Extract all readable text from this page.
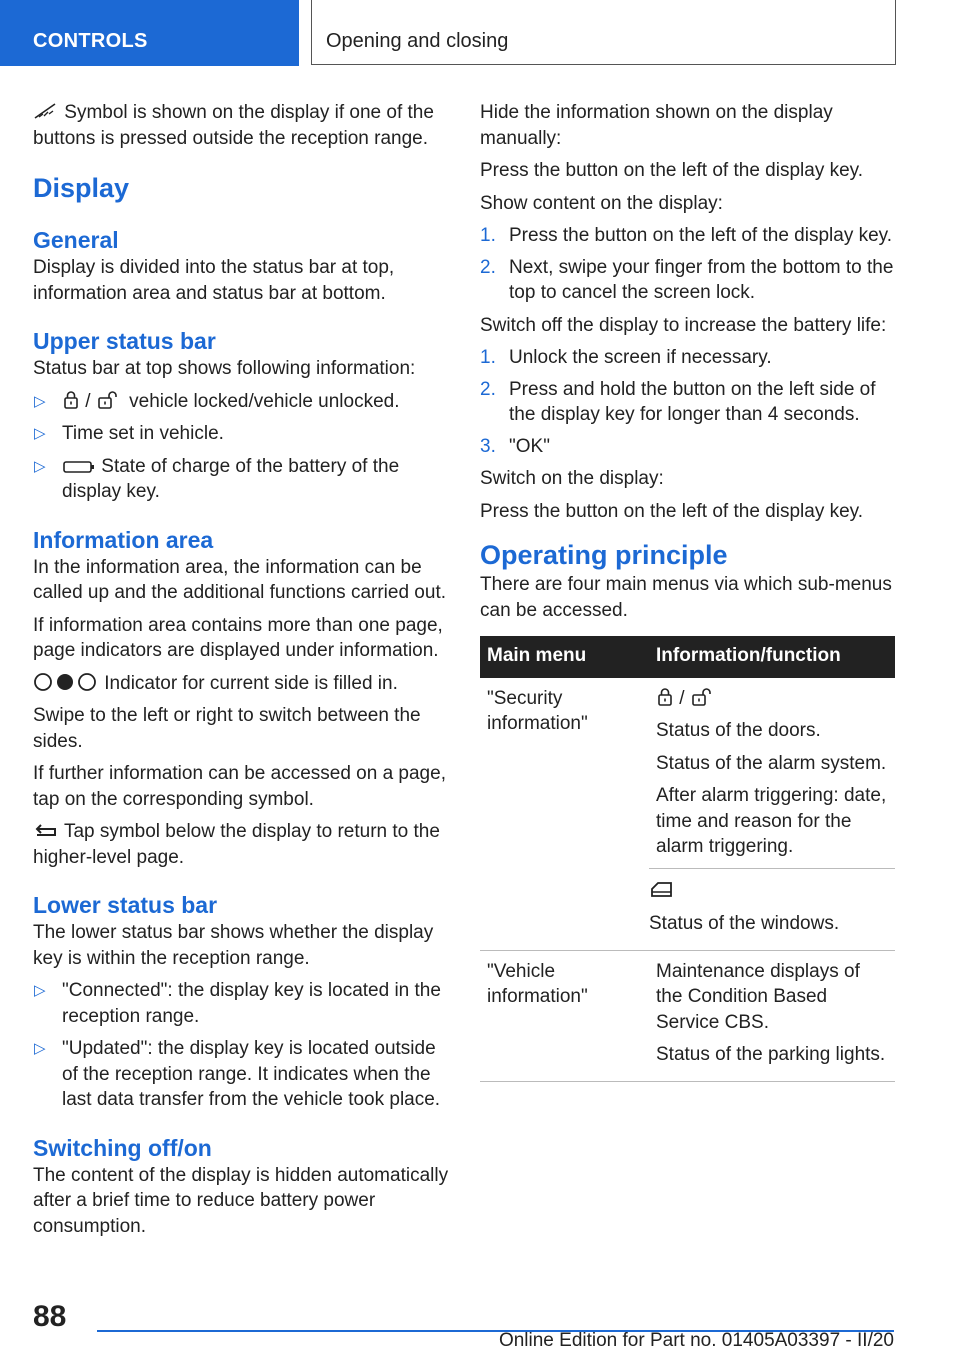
CONTROLS	Opening and closing

Symbol is shown on the display if one of the buttons is pressed outside the reception range.

Display
General

Display is divided into the status bar at top, information area and status bar at bottom.

Upper status bar

Status bar at top shows following information:

▷ / vehicle locked/vehicle unlocked.
▷ Time set in vehicle.
▷	State of charge of the battery of the display key.
Information area

In the information area, the information can be called up and the additional functions carried out.

If information area contains more than one page, page indicators are displayed under information.

Indicator for current side is filled in.

Swipe to the left or right to switch between the sides.

If further information can be accessed on a page, tap on the corresponding symbol.

Tap symbol below the display to return to the higher-level page.

Lower status bar

The lower status bar shows whether the display key is within the reception range.

▷ "Connected": the display key is located in the reception range.
▷ "Updated": the display key is located outside of the reception range. It indicates when the last data transfer from the vehicle took place.
Switching off/on

The content of the display is hidden automatically after a brief time to reduce battery power consumption.

Hide the information shown on the display manually:

Press the button on the left of the display key.

Show content on the display:

1. Press the button on the left of the display key.
2. Next, swipe your finger from the bottom to the top to cancel the screen lock.

Switch off the display to increase the battery life:

1. Unlock the screen if necessary.
2. Press and hold the button on the left side of the display key for longer than 4 seconds.
3. "OK"

Switch on the display:

Press the button on the left of the display key.

Operating principle

There are four main menus via which sub-menus can be accessed.

Main menu	Information/function
"Security information"	/

Status of the doors.

Status of the alarm system.

After alarm triggering: date, time and reason for the alarm triggering.

Status of the windows.

"Vehicle information"	Maintenance displays of the Condition Based Service CBS.

Status of the parking lights.

88
Online Edition for Part no. 01405A03397 - II/20
